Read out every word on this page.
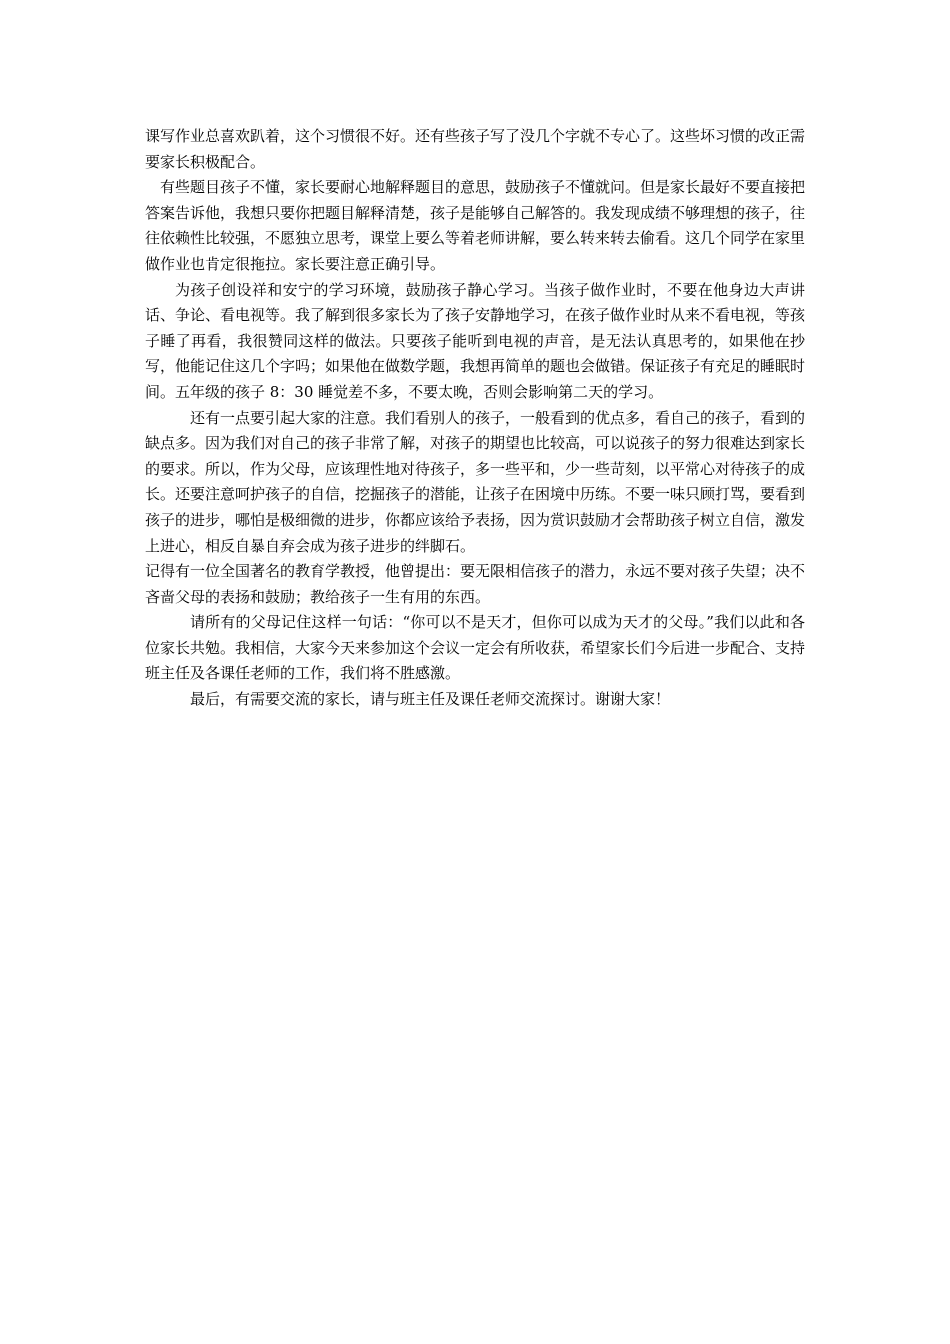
课写作业总喜欢趴着，这个习惯很不好。还有些孩子写了没几个字就不专心了。这些坏习惯的改正需要家长积极配合。

有些题目孩子不懂，家长要耐心地解释题目的意思，鼓励孩子不懂就问。但是家长最好不要直接把答案告诉他，我想只要你把题目解释清楚，孩子是能够自己解答的。我发现成绩不够理想的孩子，往往依赖性比较强，不愿独立思考，课堂上要么等着老师讲解，要么转来转去偷看。这几个同学在家里做作业也肯定很拖拉。家长要注意正确引导。

为孩子创设祥和安宁的学习环境，鼓励孩子静心学习。当孩子做作业时，不要在他身边大声讲话、争论、看电视等。我了解到很多家长为了孩子安静地学习，在孩子做作业时从来不看电视，等孩子睡了再看，我很赞同这样的做法。只要孩子能听到电视的声音，是无法认真思考的，如果他在抄写，他能记住这几个字吗；如果他在做数学题，我想再简单的题也会做错。保证孩子有充足的睡眠时间。五年级的孩子 8：30 睡觉差不多，不要太晚，否则会影响第二天的学习。

还有一点要引起大家的注意。我们看别人的孩子，一般看到的优点多，看自己的孩子，看到的缺点多。因为我们对自己的孩子非常了解，对孩子的期望也比较高，可以说孩子的努力很难达到家长的要求。所以，作为父母，应该理性地对待孩子，多一些平和，少一些苛刻，以平常心对待孩子的成长。还要注意呵护孩子的自信，挖掘孩子的潜能，让孩子在困境中历练。不要一味只顾打骂，要看到孩子的进步，哪怕是极细微的进步，你都应该给予表扬，因为赏识鼓励才会帮助孩子树立自信，激发上进心，相反自暴自弃会成为孩子进步的绊脚石。

记得有一位全国著名的教育学教授，他曾提出：要无限相信孩子的潜力，永远不要对孩子失望；决不吝啬父母的表扬和鼓励；教给孩子一生有用的东西。

请所有的父母记住这样一句话：“你可以不是天才，但你可以成为天才的父母。”我们以此和各位家长共勉。我相信，大家今天来参加这个会议一定会有所收获，希望家长们今后进一步配合、支持班主任及各课任老师的工作，我们将不胜感激。

最后，有需要交流的家长，请与班主任及课任老师交流探讨。谢谢大家！
